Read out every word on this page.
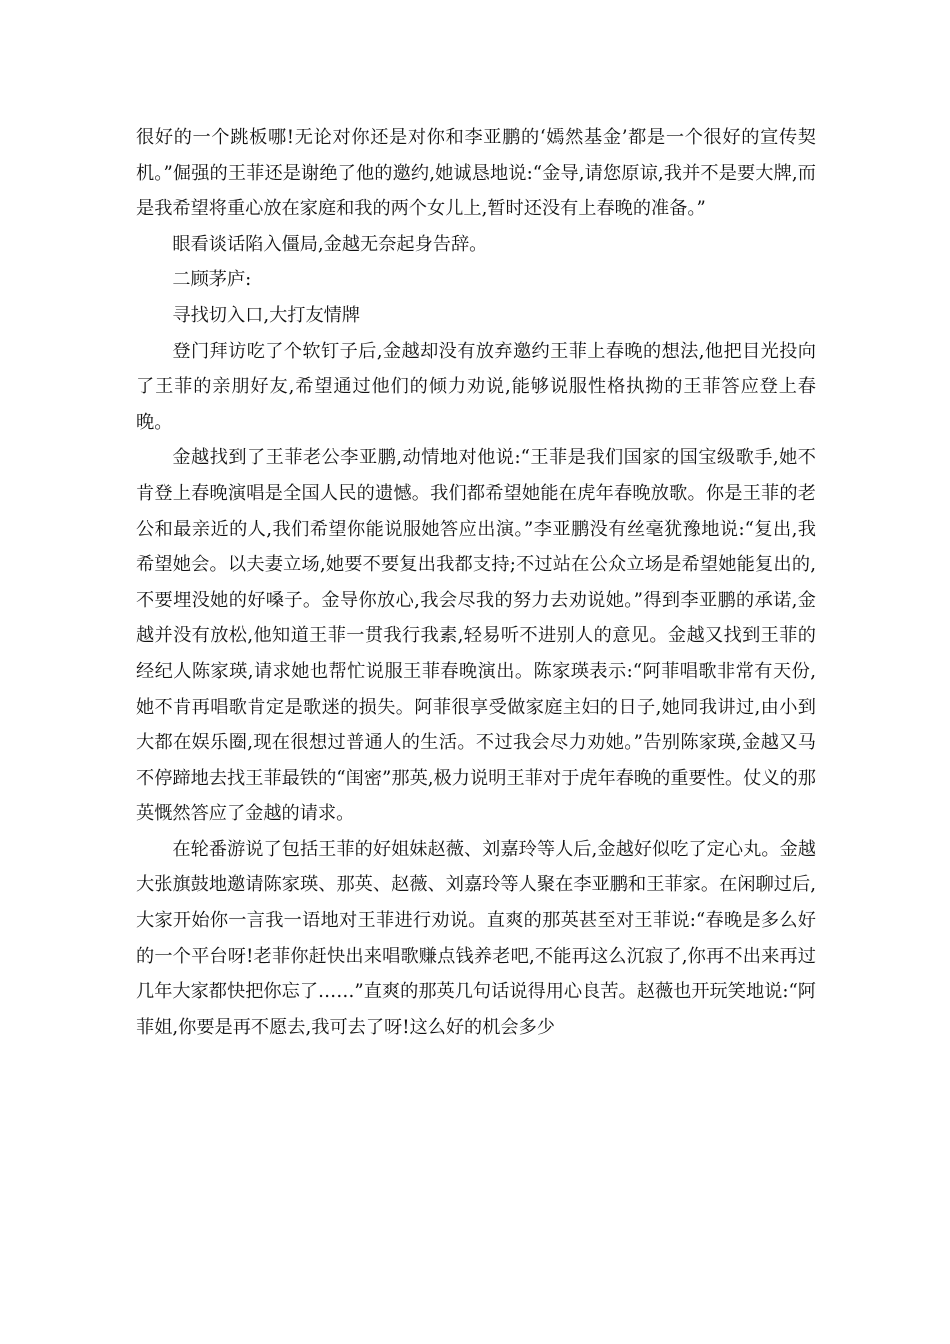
很好的一个跳板哪!无论对你还是对你和李亚鹏的‘嫣然基金’都是一个很好的宣传契机。”倔强的王菲还是谢绝了他的邀约,她诚恳地说:“金导,请您原谅,我并不是要大牌,而是我希望将重心放在家庭和我的两个女儿上,暂时还没有上春晚的准备。”

眼看谈话陷入僵局,金越无奈起身告辞。

二顾茅庐:

寻找切入口,大打友情牌

登门拜访吃了个软钉子后,金越却没有放弃邀约王菲上春晚的想法,他把目光投向了王菲的亲朋好友,希望通过他们的倾力劝说,能够说服性格执拗的王菲答应登上春晚。

金越找到了王菲老公李亚鹏,动情地对他说:“王菲是我们国家的国宝级歌手,她不肯登上春晚演唱是全国人民的遗憾。我们都希望她能在虎年春晚放歌。你是王菲的老公和最亲近的人,我们希望你能说服她答应出演。”李亚鹏没有丝毫犹豫地说:“复出,我希望她会。以夫妻立场,她要不要复出我都支持;不过站在公众立场是希望她能复出的,不要埋没她的好嗓子。金导你放心,我会尽我的努力去劝说她。”得到李亚鹏的承诺,金越并没有放松,他知道王菲一贯我行我素,轻易听不进别人的意见。金越又找到王菲的经纪人陈家瑛,请求她也帮忙说服王菲春晚演出。陈家瑛表示:“阿菲唱歌非常有天份,她不肯再唱歌肯定是歌迷的损失。阿菲很享受做家庭主妇的日子,她同我讲过,由小到大都在娱乐圈,现在很想过普通人的生活。不过我会尽力劝她。”告别陈家瑛,金越又马不停蹄地去找王菲最铁的“闺密”那英,极力说明王菲对于虎年春晚的重要性。仗义的那英慨然答应了金越的请求。

在轮番游说了包括王菲的好姐妹赵薇、刘嘉玲等人后,金越好似吃了定心丸。金越大张旗鼓地邀请陈家瑛、那英、赵薇、刘嘉玲等人聚在李亚鹏和王菲家。在闲聊过后,大家开始你一言我一语地对王菲进行劝说。直爽的那英甚至对王菲说:“春晚是多么好的一个平台呀!老菲你赶快出来唱歌赚点钱养老吧,不能再这么沉寂了,你再不出来再过几年大家都快把你忘了……”直爽的那英几句话说得用心良苦。赵薇也开玩笑地说:“阿菲姐,你要是再不愿去,我可去了呀!这么好的机会多少
